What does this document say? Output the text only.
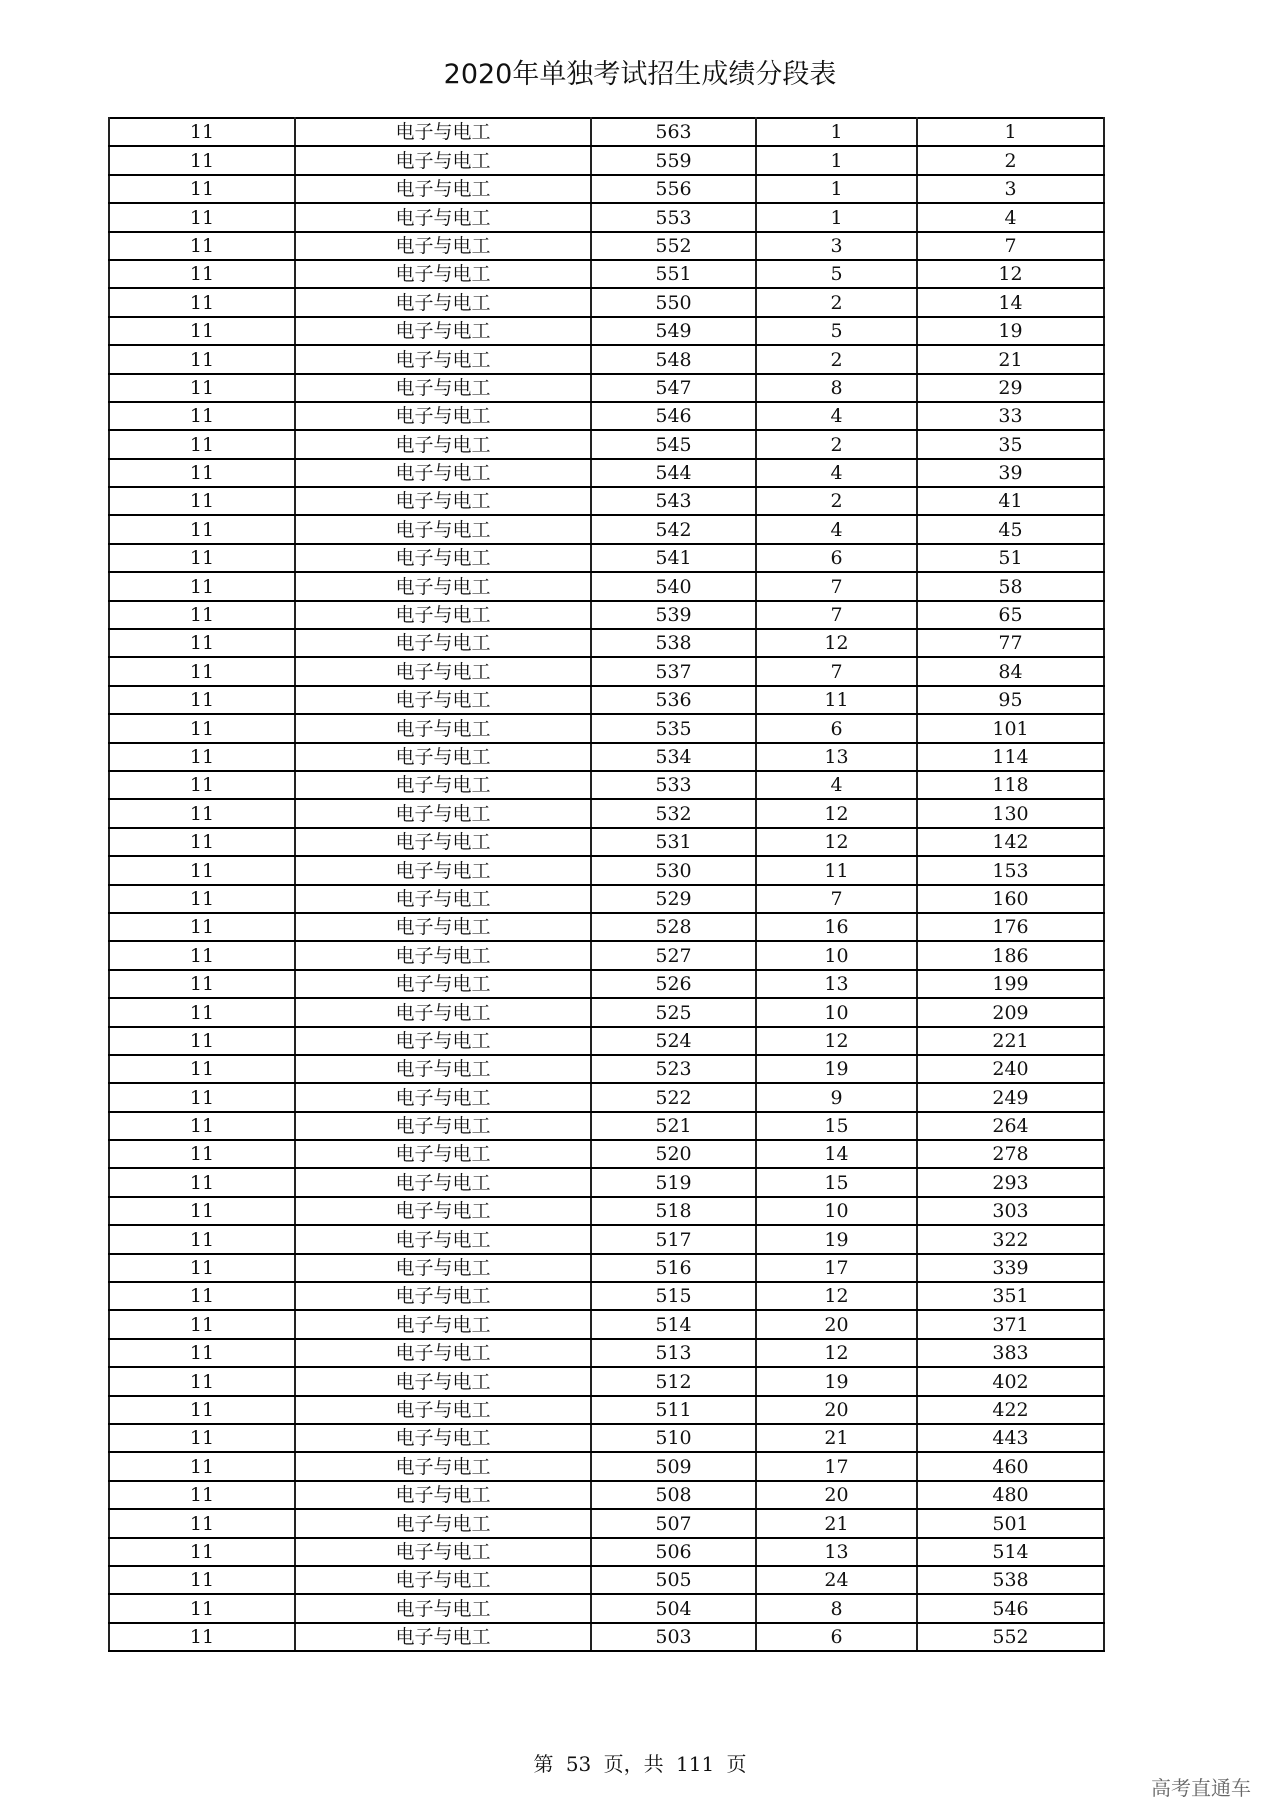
2020年单独考试招生成绩分段表
11	电子与电工	563	1	1
11	电子与电工	559	1	2
11	电子与电工	556	1	3
11	电子与电工	553	1	4
11	电子与电工	552	3	7
11	电子与电工	551	5	12
11	电子与电工	550	2	14
11	电子与电工	549	5	19
11	电子与电工	548	2	21
11	电子与电工	547	8	29
11	电子与电工	546	4	33
11	电子与电工	545	2	35
11	电子与电工	544	4	39
11	电子与电工	543	2	41
11	电子与电工	542	4	45
11	电子与电工	541	6	51
11	电子与电工	540	7	58
11	电子与电工	539	7	65
11	电子与电工	538	12	77
11	电子与电工	537	7	84
11	电子与电工	536	11	95
11	电子与电工	535	6	101
11	电子与电工	534	13	114
11	电子与电工	533	4	118
11	电子与电工	532	12	130
11	电子与电工	531	12	142
11	电子与电工	530	11	153
11	电子与电工	529	7	160
11	电子与电工	528	16	176
11	电子与电工	527	10	186
11	电子与电工	526	13	199
11	电子与电工	525	10	209
11	电子与电工	524	12	221
11	电子与电工	523	19	240
11	电子与电工	522	9	249
11	电子与电工	521	15	264
11	电子与电工	520	14	278
11	电子与电工	519	15	293
11	电子与电工	518	10	303
11	电子与电工	517	19	322
11	电子与电工	516	17	339
11	电子与电工	515	12	351
11	电子与电工	514	20	371
11	电子与电工	513	12	383
11	电子与电工	512	19	402
11	电子与电工	511	20	422
11	电子与电工	510	21	443
11	电子与电工	509	17	460
11	电子与电工	508	20	480
11	电子与电工	507	21	501
11	电子与电工	506	13	514
11	电子与电工	505	24	538
11	电子与电工	504	8	546
11	电子与电工	503	6	552
第 53 页，共 111 页
高考直通车
